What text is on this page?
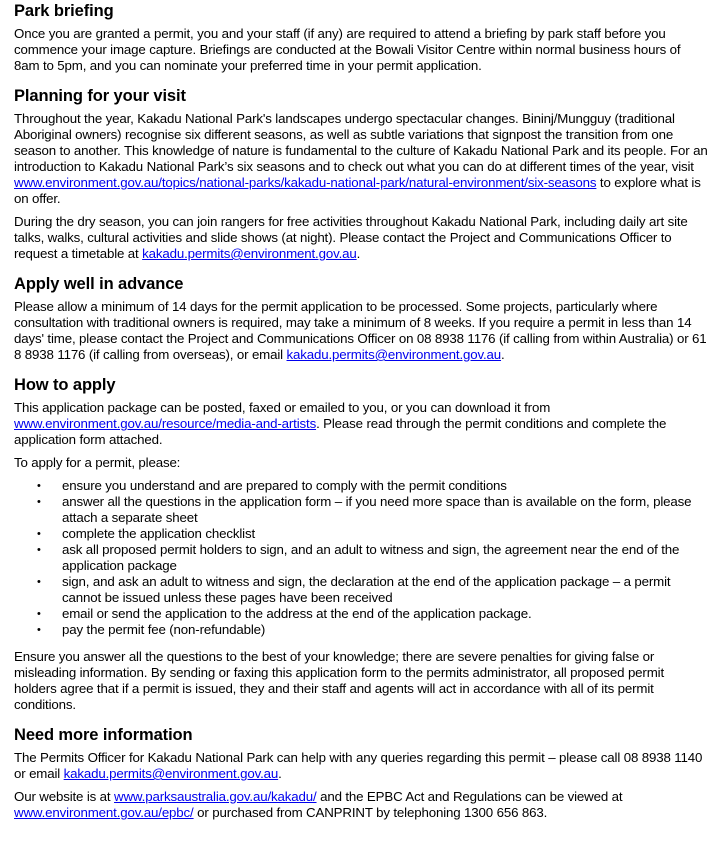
Park briefing

Once you are granted a permit, you and your staff (if any) are required to attend a briefing by park staff before you commence your image capture. Briefings are conducted at the Bowali Visitor Centre within normal business hours of 8am to 5pm, and you can nominate your preferred time in your permit application.

Planning for your visit

Throughout the year, Kakadu National Park's landscapes undergo spectacular changes. Bininj/Mungguy (traditional Aboriginal owners) recognise six different seasons, as well as subtle variations that signpost the transition from one season to another. This knowledge of nature is fundamental to the culture of Kakadu National Park and its people. For an introduction to Kakadu National Park’s six seasons and to check out what you can do at different times of the year, visit www.environment.gov.au/topics/national-parks/kakadu-national-park/natural-environment/six-seasons to explore what is on offer.

During the dry season, you can join rangers for free activities throughout Kakadu National Park, including daily art site talks, walks, cultural activities and slide shows (at night). Please contact the Project and Communications Officer to request a timetable at kakadu.permits@environment.gov.au.

Apply well in advance

Please allow a minimum of 14 days for the permit application to be processed. Some projects, particularly where consultation with traditional owners is required, may take a minimum of 8 weeks. If you require a permit in less than 14 days' time, please contact the Project and Communications Officer on 08 8938 1176 (if calling from within Australia) or 61 8 8938 1176 (if calling from overseas), or email kakadu.permits@environment.gov.au.

How to apply

This application package can be posted, faxed or emailed to you, or you can download it from www.environment.gov.au/resource/media-and-artists. Please read through the permit conditions and complete the application form attached.

To apply for a permit, please:

• ensure you understand and are prepared to comply with the permit conditions
• answer all the questions in the application form – if you need more space than is available on the form, please attach a separate sheet
• complete the application checklist
• ask all proposed permit holders to sign, and an adult to witness and sign, the agreement near the end of the application package
• sign, and ask an adult to witness and sign, the declaration at the end of the application package – a permit cannot be issued unless these pages have been received
• email or send the application to the address at the end of the application package.
• pay the permit fee (non-refundable)

Ensure you answer all the questions to the best of your knowledge; there are severe penalties for giving false or misleading information. By sending or faxing this application form to the permits administrator, all proposed permit holders agree that if a permit is issued, they and their staff and agents will act in accordance with all of its permit conditions.

Need more information

The Permits Officer for Kakadu National Park can help with any queries regarding this permit – please call 08 8938 1140 or email kakadu.permits@environment.gov.au.

Our website is at www.parksaustralia.gov.au/kakadu/ and the EPBC Act and Regulations can be viewed at www.environment.gov.au/epbc/ or purchased from CANPRINT by telephoning 1300 656 863.
